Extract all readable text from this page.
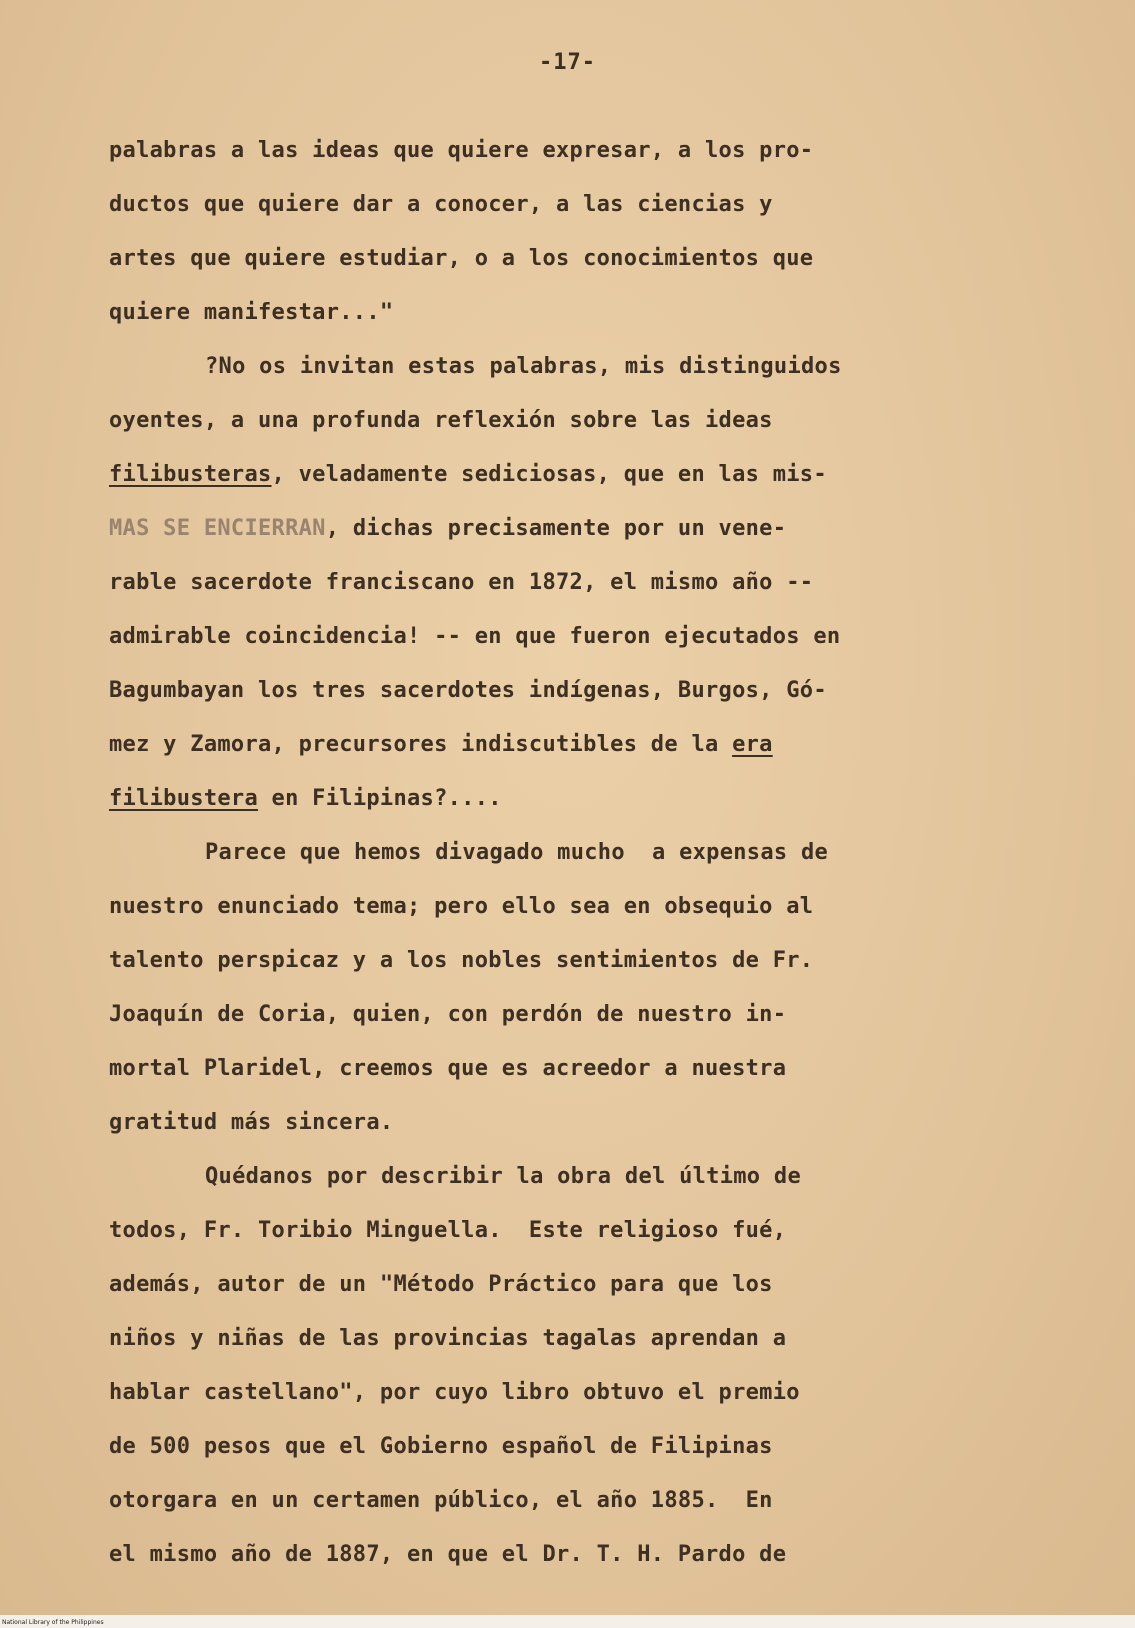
-17-
palabras a las ideas que quiere expresar, a los pro-
ductos que quiere dar a conocer, a las ciencias y
artes que quiere estudiar, o a los conocimientos que
quiere manifestar..."
?No os invitan estas palabras, mis distinguidos
oyentes, a una profunda reflexión sobre las ideas
filibusteras, veladamente sediciosas, que en las mis-
MAS SE ENCIERRAN, dichas precisamente por un vene-
rable sacerdote franciscano en 1872, el mismo año --
admirable coincidencia! -- en que fueron ejecutados en
Bagumbayan los tres sacerdotes indígenas, Burgos, Gó-
mez y Zamora, precursores indiscutibles de la era
filibustera en Filipinas?....
Parece que hemos divagado mucho  a expensas de
nuestro enunciado tema; pero ello sea en obsequio al
talento perspicaz y a los nobles sentimientos de Fr.
Joaquín de Coria, quien, con perdón de nuestro in-
mortal Plaridel, creemos que es acreedor a nuestra
gratitud más sincera.
Quédanos por describir la obra del último de
todos, Fr. Toribio Minguella.  Este religioso fué,
además, autor de un "Método Práctico para que los
niños y niñas de las provincias tagalas aprendan a
hablar castellano", por cuyo libro obtuvo el premio
de 500 pesos que el Gobierno español de Filipinas
otorgara en un certamen público, el año 1885.  En
el mismo año de 1887, en que el Dr. T. H. Pardo de
National Library of the Philippines
